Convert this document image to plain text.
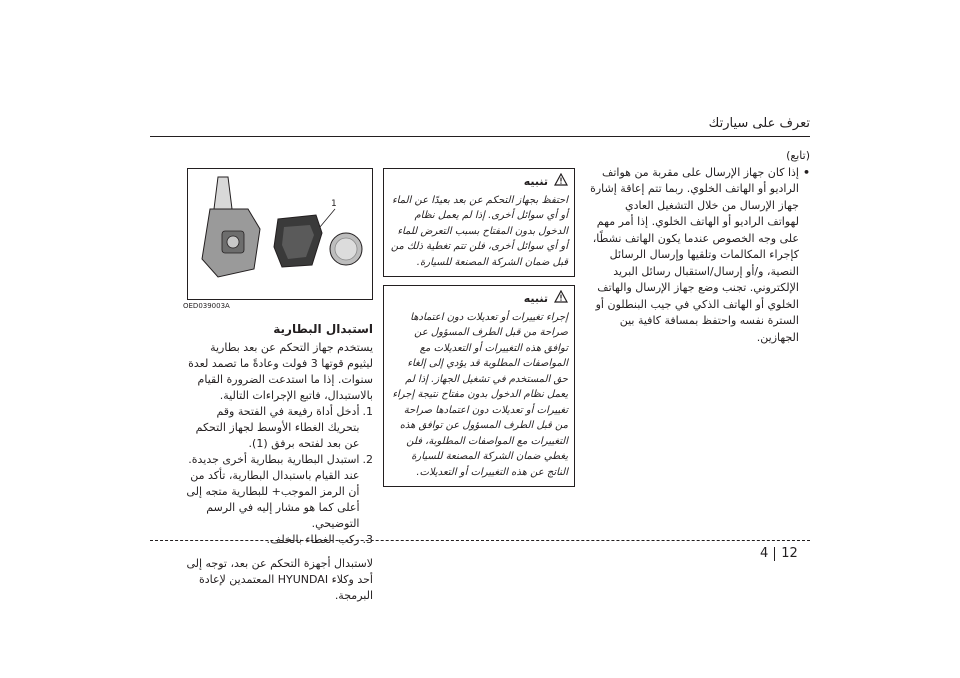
تعرف على سيارتك

(تابع)

•
إذا كان جهاز الإرسال على مقربة من هواتف الراديو أو الهاتف الخلوي. ربما تتم إعاقة إشارة جهاز الإرسال من خلال التشغيل العادي لهواتف الراديو أو الهاتف الخلوي. إذا أمر مهم على وجه الخصوص عندما يكون الهاتف نشطًا، كإجراء المكالمات وتلقيها وإرسال الرسائل النصية، و/أو إرسال/استقبال رسائل البريد الإلكتروني. تجنب وضع جهاز الإرسال والهاتف الخلوي أو الهاتف الذكي في جيب البنطلون أو السترة نفسه واحتفظ بمسافة كافية بين الجهازين.
تنبيه
احتفظ بجهاز التحكم عن بعد بعيدًا عن الماء أو أي سوائل أخرى. إذا لم يعمل نظام الدخول بدون المفتاح بسبب التعرض للماء أو أي سوائل أخرى، فلن تتم تغطية ذلك من قبل ضمان الشركة المصنعة للسيارة.
تنبيه
إجراء تغييرات أو تعديلات دون اعتمادها صراحة من قبل الطرف المسؤول عن توافق هذه التغييرات أو التعديلات مع المواصفات المطلوبة قد يؤدي إلى إلغاء حق المستخدم في تشغيل الجهاز. إذا لم يعمل نظام الدخول بدون مفتاح نتيجة إجراء تغييرات أو تعديلات دون اعتمادها صراحة من قبل الطرف المسؤول عن توافق هذه التغييرات مع المواصفات المطلوبة، فلن يغطي ضمان الشركة المصنعة للسيارة الناتج عن هذه التغييرات أو التعديلات.
1
OED039003A
استبدال البطارية
يستخدم جهاز التحكم عن بعد بطارية ليثيوم قوتها 3 فولت وعادةً ما تصمد لعدة سنوات. إذا ما استدعت الضرورة القيام بالاستبدال، فاتبع الإجراءات التالية.
1.
أدخل أداة رفيعة في الفتحة وقم بتحريك الغطاء الأوسط لجهاز التحكم عن بعد لفتحه برفق (1).
2.
استبدل البطارية ببطارية أخرى جديدة. عند القيام باستبدال البطارية، تأكد من أن الرمز الموجب+ للبطارية متجه إلى أعلى كما هو مشار إليه في الرسم التوضيحي.
3.
ركب الغطاء بالخلف.
لاستبدال أجهزة التحكم عن بعد، توجه إلى أحد وكلاء HYUNDAI المعتمدين لإعادة البرمجة.
4 12
